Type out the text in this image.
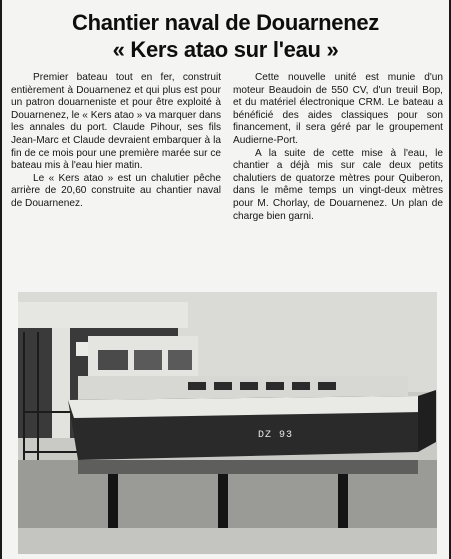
Chantier naval de Douarnenez
« Kers atao sur l'eau »

Premier bateau tout en fer, construit entièrement à Douarnenez et qui plus est pour un patron douarneniste et pour être exploité à Douarnenez, le « Kers atao » va marquer dans les annales du port. Claude Pihour, ses fils Jean-Marc et Claude devraient embarquer à la fin de ce mois pour une première marée sur ce bateau mis à l'eau hier matin.

Le « Kers atao » est un chalutier pêche arrière de 20,60 construite au chantier naval de Douarnenez.

Cette nouvelle unité est munie d'un moteur Beaudoin de 550 CV, d'un treuil Bop, et du matériel électronique CRM. Le bateau a bénéficié des aides classiques pour son financement, il sera géré par le groupement Audierne-Port.

A la suite de cette mise à l'eau, le chantier a déjà mis sur cale deux petits chalutiers de quatorze mètres pour Quiberon, dans le même temps un vingt-deux mètres pour M. Chorlay, de Douarnenez. Un plan de charge bien garni.

DZ 93
